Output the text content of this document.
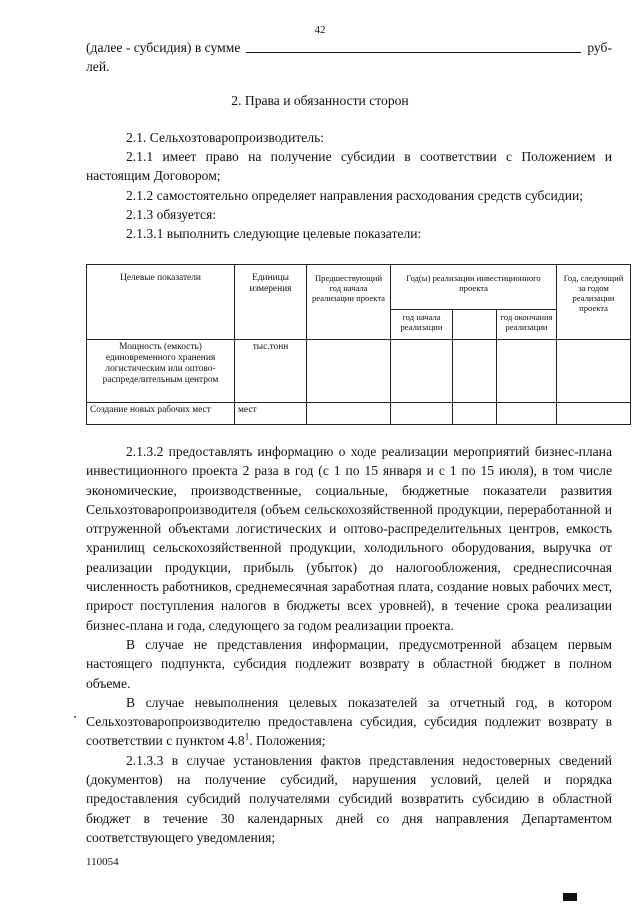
42
(далее - субсидия) в сумме	руб-
лей.
2. Права и обязанности сторон
2.1. Сельхозтоваропроизводитель:
2.1.1 имеет право на получение субсидии в соответствии с Положением и настоящим Договором;
2.1.2 самостоятельно определяет направления расходования средств субсидии;
2.1.3 обязуется:
2.1.3.1 выполнить следующие целевые показатели:
Целевые показатели	Единицы измерения	Предшествующий год начала реализации проекта	Год(ы) реализации инвестиционного проекта			Год, следующий за годом реализации проекта
			год начала реализации		год окончания реализации	
Мощность (емкость) единовременного хранения логистическим или оптово-распределительным центром	тыс.тонн					
Создание новых рабочих мест	мест					
2.1.3.2 предоставлять информацию о ходе реализации мероприятий бизнес-плана инвестиционного проекта 2 раза в год (с 1 по 15 января и с 1 по 15 июля), в том числе экономические, производственные, социальные, бюджетные показатели развития Сельхозтоваропроизводителя (объем сельскохозяйственной продукции, переработанной и отгруженной объектами логистических и оптово-распределительных центров, емкость хранилищ сельскохозяйственной продукции, холодильного оборудования, выручка от реализации продукции, прибыль (убыток) до налогообложения, среднесписочная численность работников, среднемесячная заработная плата, создание новых рабочих мест, прирост поступления налогов в бюджеты всех уровней), в течение срока реализации бизнес-плана и года, следующего за годом реализации проекта.
В случае не представления информации, предусмотренной абзацем первым настоящего подпункта, субсидия подлежит возврату в областной бюджет в полном объеме.
В случае невыполнения целевых показателей за отчетный год, в котором Сельхозтоваропроизводителю предоставлена субсидия, субсидия подлежит возврату в соответствии с пунктом $4.8^1$. Положения;
2.1.3.3 в случае установления фактов представления недостоверных сведений (документов) на получение субсидий, нарушения условий, целей и порядка предоставления субсидий получателями субсидий возвратить субсидию в областной бюджет в течение 30 календарных дней со дня направления Департаментом соответствующего уведомления;
110054
